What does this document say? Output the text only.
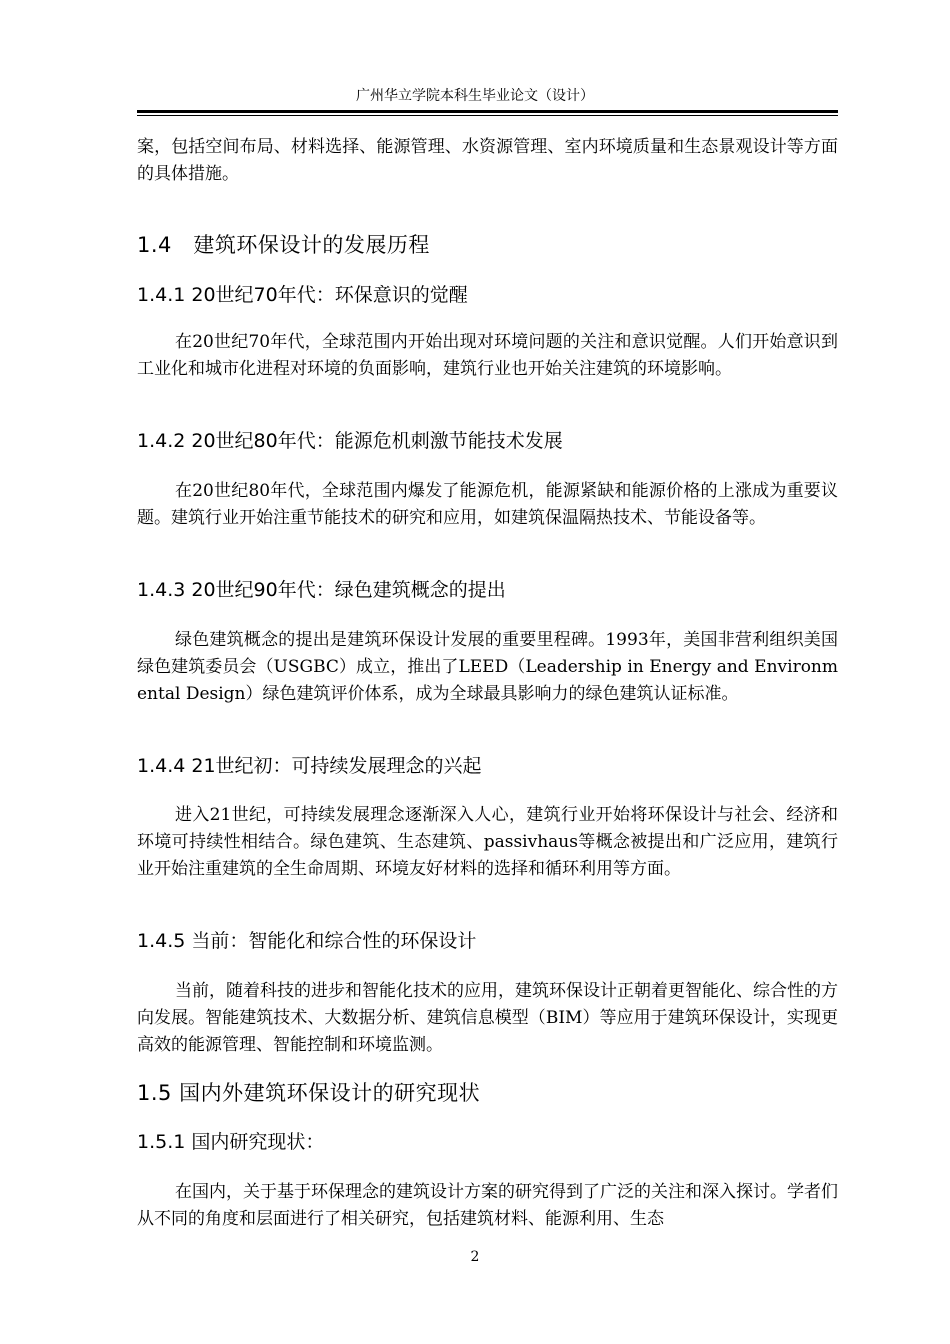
广州华立学院本科生毕业论文（设计）
案，包括空间布局、材料选择、能源管理、水资源管理、室内环境质量和生态景观设计等方面的具体措施。
1.4　建筑环保设计的发展历程
1.4.1 20世纪70年代：环保意识的觉醒
在20世纪70年代，全球范围内开始出现对环境问题的关注和意识觉醒。人们开始意识到工业化和城市化进程对环境的负面影响，建筑行业也开始关注建筑的环境影响。
1.4.2 20世纪80年代：能源危机刺激节能技术发展
在20世纪80年代，全球范围内爆发了能源危机，能源紧缺和能源价格的上涨成为重要议题。建筑行业开始注重节能技术的研究和应用，如建筑保温隔热技术、节能设备等。
1.4.3 20世纪90年代：绿色建筑概念的提出
绿色建筑概念的提出是建筑环保设计发展的重要里程碑。1993年，美国非营利组织美国绿色建筑委员会（USGBC）成立，推出了LEED（Leadership in Energy and Environmental Design）绿色建筑评价体系，成为全球最具影响力的绿色建筑认证标准。
1.4.4 21世纪初：可持续发展理念的兴起
进入21世纪，可持续发展理念逐渐深入人心，建筑行业开始将环保设计与社会、经济和环境可持续性相结合。绿色建筑、生态建筑、passivhaus等概念被提出和广泛应用，建筑行业开始注重建筑的全生命周期、环境友好材料的选择和循环利用等方面。
1.4.5 当前：智能化和综合性的环保设计
当前，随着科技的进步和智能化技术的应用，建筑环保设计正朝着更智能化、综合性的方向发展。智能建筑技术、大数据分析、建筑信息模型（BIM）等应用于建筑环保设计，实现更高效的能源管理、智能控制和环境监测。
1.5 国内外建筑环保设计的研究现状
1.5.1 国内研究现状：
在国内，关于基于环保理念的建筑设计方案的研究得到了广泛的关注和深入探讨。学者们从不同的角度和层面进行了相关研究，包括建筑材料、能源利用、生态
2
